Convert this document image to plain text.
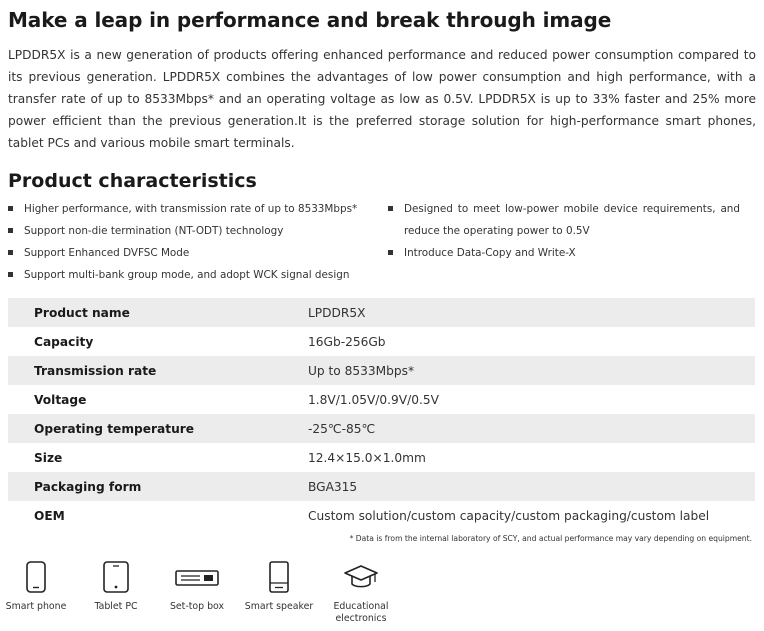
Make a leap in performance and break through image

LPDDR5X is a new generation of products offering enhanced performance and reduced power consumption compared to its previous generation. LPDDR5X combines the advantages of low power consumption and high performance, with a transfer rate of up to 8533Mbps* and an operating voltage as low as 0.5V. LPDDR5X is up to 33% faster and 25% more power efficient than the previous generation.It is the preferred storage solution for high-performance smart phones, tablet PCs and various mobile smart terminals.

Product characteristics
Higher performance, with transmission rate of up to 8533Mbps*
Support non-die termination (NT-ODT) technology
Support Enhanced DVFSC Mode
Support multi-bank group mode, and adopt WCK signal design
Designed to meet low-power mobile device requirements, and reduce the operating power to 0.5V
Introduce Data-Copy and Write-X
Product name	LPDDR5X
Capacity	16Gb-256Gb
Transmission rate	Up to 8533Mbps*
Voltage	1.8V/1.05V/0.9V/0.5V
Operating temperature	-25℃-85℃
Size	12.4×15.0×1.0mm
Packaging form	BGA315
OEM	Custom solution/custom capacity/custom packaging/custom label
* Data is from the internal laboratory of SCY, and actual performance may vary depending on equipment.
Smart phone	Tablet PC	Set-top box	Smart speaker	Educational electronics
